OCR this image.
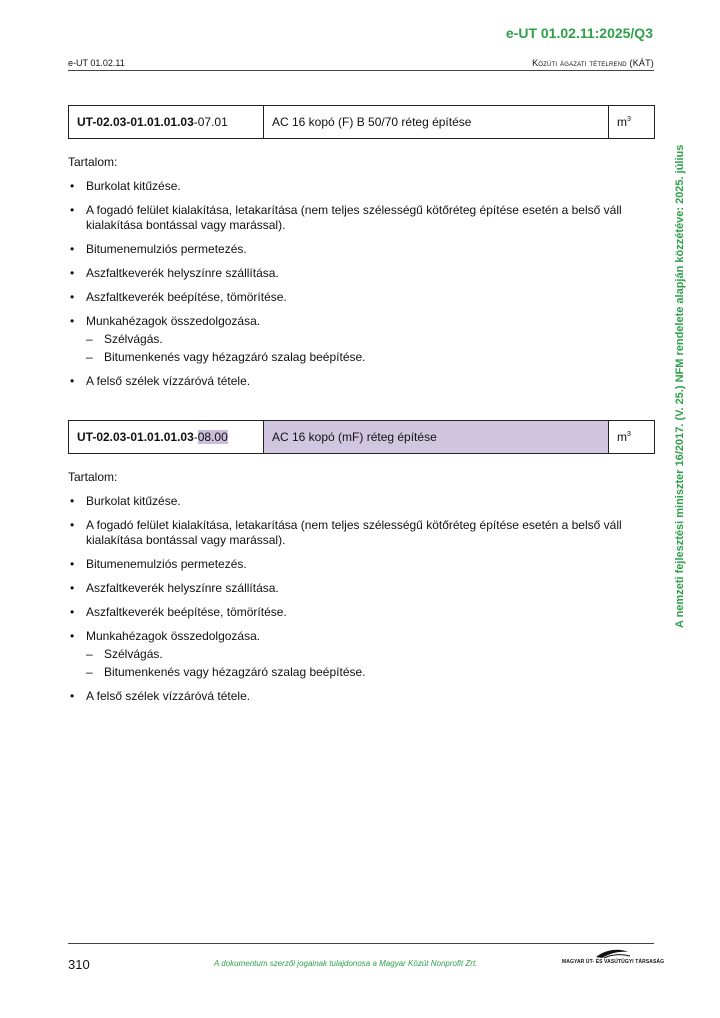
e-UT 01.02.11:2025/Q3
e-UT 01.02.11	Közúti ágazati tételrend (KÁT)
A nemzeti fejlesztési miniszter 16/2017. (V. 25.) NFM rendelete alapján közzétéve: 2025. július
UT-02.03-01.01.01.03-07.01	AC 16 kopó (F) B 50/70 réteg építése	$m^3$
Tartalom:
• Burkolat kitűzése.
• A fogadó felület kialakítása, letakarítása (nem teljes szélességű kötőréteg építése esetén a belső váll kialakítása bontással vagy marással).
• Bitumenemulziós permetezés.
• Aszfaltkeverék helyszínre szállítása.
• Aszfaltkeverék beépítése, tömörítése.
• Munkahézagok összedolgozása.
– Szélvágás.
– Bitumenkenés vagy hézagzáró szalag beépítése.
• A felső szélek vízzáróvá tétele.
UT-02.03-01.01.01.03-08.00	AC 16 kopó (mF) réteg építése	$m^3$
Tartalom:
• Burkolat kitűzése.
• A fogadó felület kialakítása, letakarítása (nem teljes szélességű kötőréteg építése esetén a belső váll kialakítása bontással vagy marással).
• Bitumenemulziós permetezés.
• Aszfaltkeverék helyszínre szállítása.
• Aszfaltkeverék beépítése, tömörítése.
• Munkahézagok összedolgozása.
– Szélvágás.
– Bitumenkenés vagy hézagzáró szalag beépítése.
• A felső szélek vízzáróvá tétele.
310	A dokumentum szerzői jogainak tulajdonosa a Magyar Közút Nonprofit Zrt.	MAGYAR ÚT- ÉS VASÚTÜGYI TÁRSASÁG
